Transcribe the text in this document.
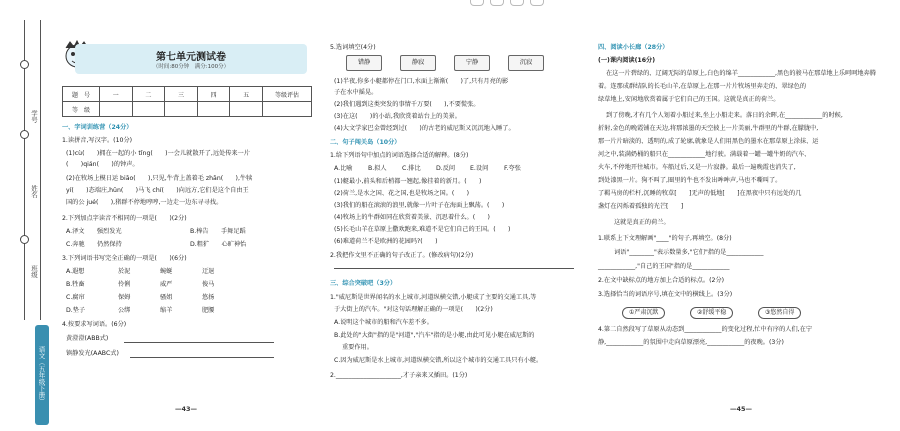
学号
姓名
班级
语文（五年级下册）
第七单元测试卷
（时间:80分钟　满分:100分）
题　号	一	二	三	四	五	等级评估
等　级						
一、字词训练营（24分）
1.读拼音,写汉字。(10分)
(1)cù(　　)拥在一起的小 tǐng(　　)一会儿就散开了,远处传来一片
(　　)qián(　　)的钟声。
(2)在牧场上模日运 biāo(　　),只见,牛背上盖着毛 zhān(　　),牛犊
yí(　　)态端庄,hūn(　　)马飞 chí(　　)向远方,它们是这个自由王
国的公 jué(　　),猪群不停地哼哼,一边走一边东寻寻找。
2.下列加点字读音不相同的一项是(　　)(2分)
A.泽文　　强烈发光	B.棒告　　手舞足蹈
C.奔驰　　仍然保持	D.粗犷　　心旷神怡
3.下列词语书写完全正确的一项是(　　)(6分)
A.遐想	於泥	蜿蜒	迂退
B.牲畜	伶俐	威严	俊马
C.腐帘	保姆	骚姐	悠扬
D.垫子	公绑	缩羊	肥腰
4.按要求写词语。(6分)
黄澄澄(ABB式)
镇静发光(AABC式)
—43—
5.选词填空(4分)
错静	静寂	宁静	沉寂
(1)半夜,你多小艇都停在门口,水面上渐渐(　　)了,只有月亮的影
子在水中摇晃。
(2)我们遇到这类突发的事情千万要(　　),不要慌张。
(3)在这(　　)的小站,我欣赏着站台上的美景。
(4)大文学家巴金曾经到过(　　)的古老的威尼斯又沉沉地入睡了。
二、句子闯关岛（10分）
1.给下列语句中加点的词语选择合适的解释。(8分)
A.比喻	B.拟人 C.排比 D.反问 E.设问	F.夸张
(1)艇最小,前头和后梢都一翘起,像挂着的新月。(　　)
(2)荷兰,是水之国、花之国,也是牧场之国。(　　)
(3)我们的船在滚滚的浪里,就像一片叶子在海面上飘荡。(　　)
(4)牧场上的牛群如同在欣赏着美景、沉思着什么。(　　)
(5)长毛山羊在草原上撒欢跑来,难道不是它们自己的王国。(　　)
(6)难道荷兰不是欧洲的花园吗?(　　)
2.我把作文里不正确的句子改正了。(修改病句)(2分)
三、综合突破吧（3分）
1."威尼斯是世界闻名的水上城市,河道纵横交错,小艇成了主要的交通工具,等
于大街上的汽车。"对这句话理解正确的一项是(　　)(2分)
A.说明这个城市的船和汽车差不多。
B.此处的"大街"指的是"河道","汽车"指的是小艇,由此可见小艇在威尼斯的
重要作用。
C.因为威尼斯是水上城市,河道纵横交错,所以这个城市的交通工具只有小艇。
2._____________________,才子亲来又插田。(1分)
四、阅读小长廊（28分）
(一)课内阅读(16分)
在这一片碧绿的、辽阔无际的草原上,白色的绵羊____________,黑色的骏马在那草地上乐呵呵地奔腾
着。连那成群结队的长毛山羊,在草原上,在那一片片牧场里奔走的、翠绿色的
绿草地上,安闲地欣赏着属于它们自己的王国。这就是真正的荷兰。
到了傍晚,才有几个人划着小船过来,坐上小船走来。落日的余晖,在____________的时候,
折射,金色的晚霞铺在天边,将那浓墨的天空披上一片美丽,牛群里的牛群,在朦胧中,
那一片片暗淡的、透明的,成了轮廓,就象是人们用黑色的墨水在那草原上涂抹、运
河之中,装满奶桶的船只在____________地行驶。满载着一罐一罐牛奶的汽车、
火车,不停地开往城市。车船过后,又是一片寂静。最后一遍晚霞也消失了,
到处漆黑一片。狗不叫了,圈里的牛也不发出哞哞声,马也不嘶叫了。
了羁马房的栏杆,沉睡的牧草[　　]无声的低地[　　]在黑夜中只有远处的几
盏灯在闪烁着孤独的光芒[　　]
这就是真正的荷兰。
1.联系上下文理解画"____"的句子,再填空。(8分)
词语"________"表示数量多,"它们"指的是____________
____________,"自己的王国"指的是____________
2.在文中缺标点的地方加上合适的标点。(2分)
3.选择恰当的词语序号,填在文中的横线上。(3分)
①严肃沉默	②舒缓平稳	③悠然自得
4.第二自然段写了草原从动态到____________的变化过程,忙中有序的人们,在宁
静,____________的氛围中走向草原漂亮,____________的夜晚。(3分)
—45—
